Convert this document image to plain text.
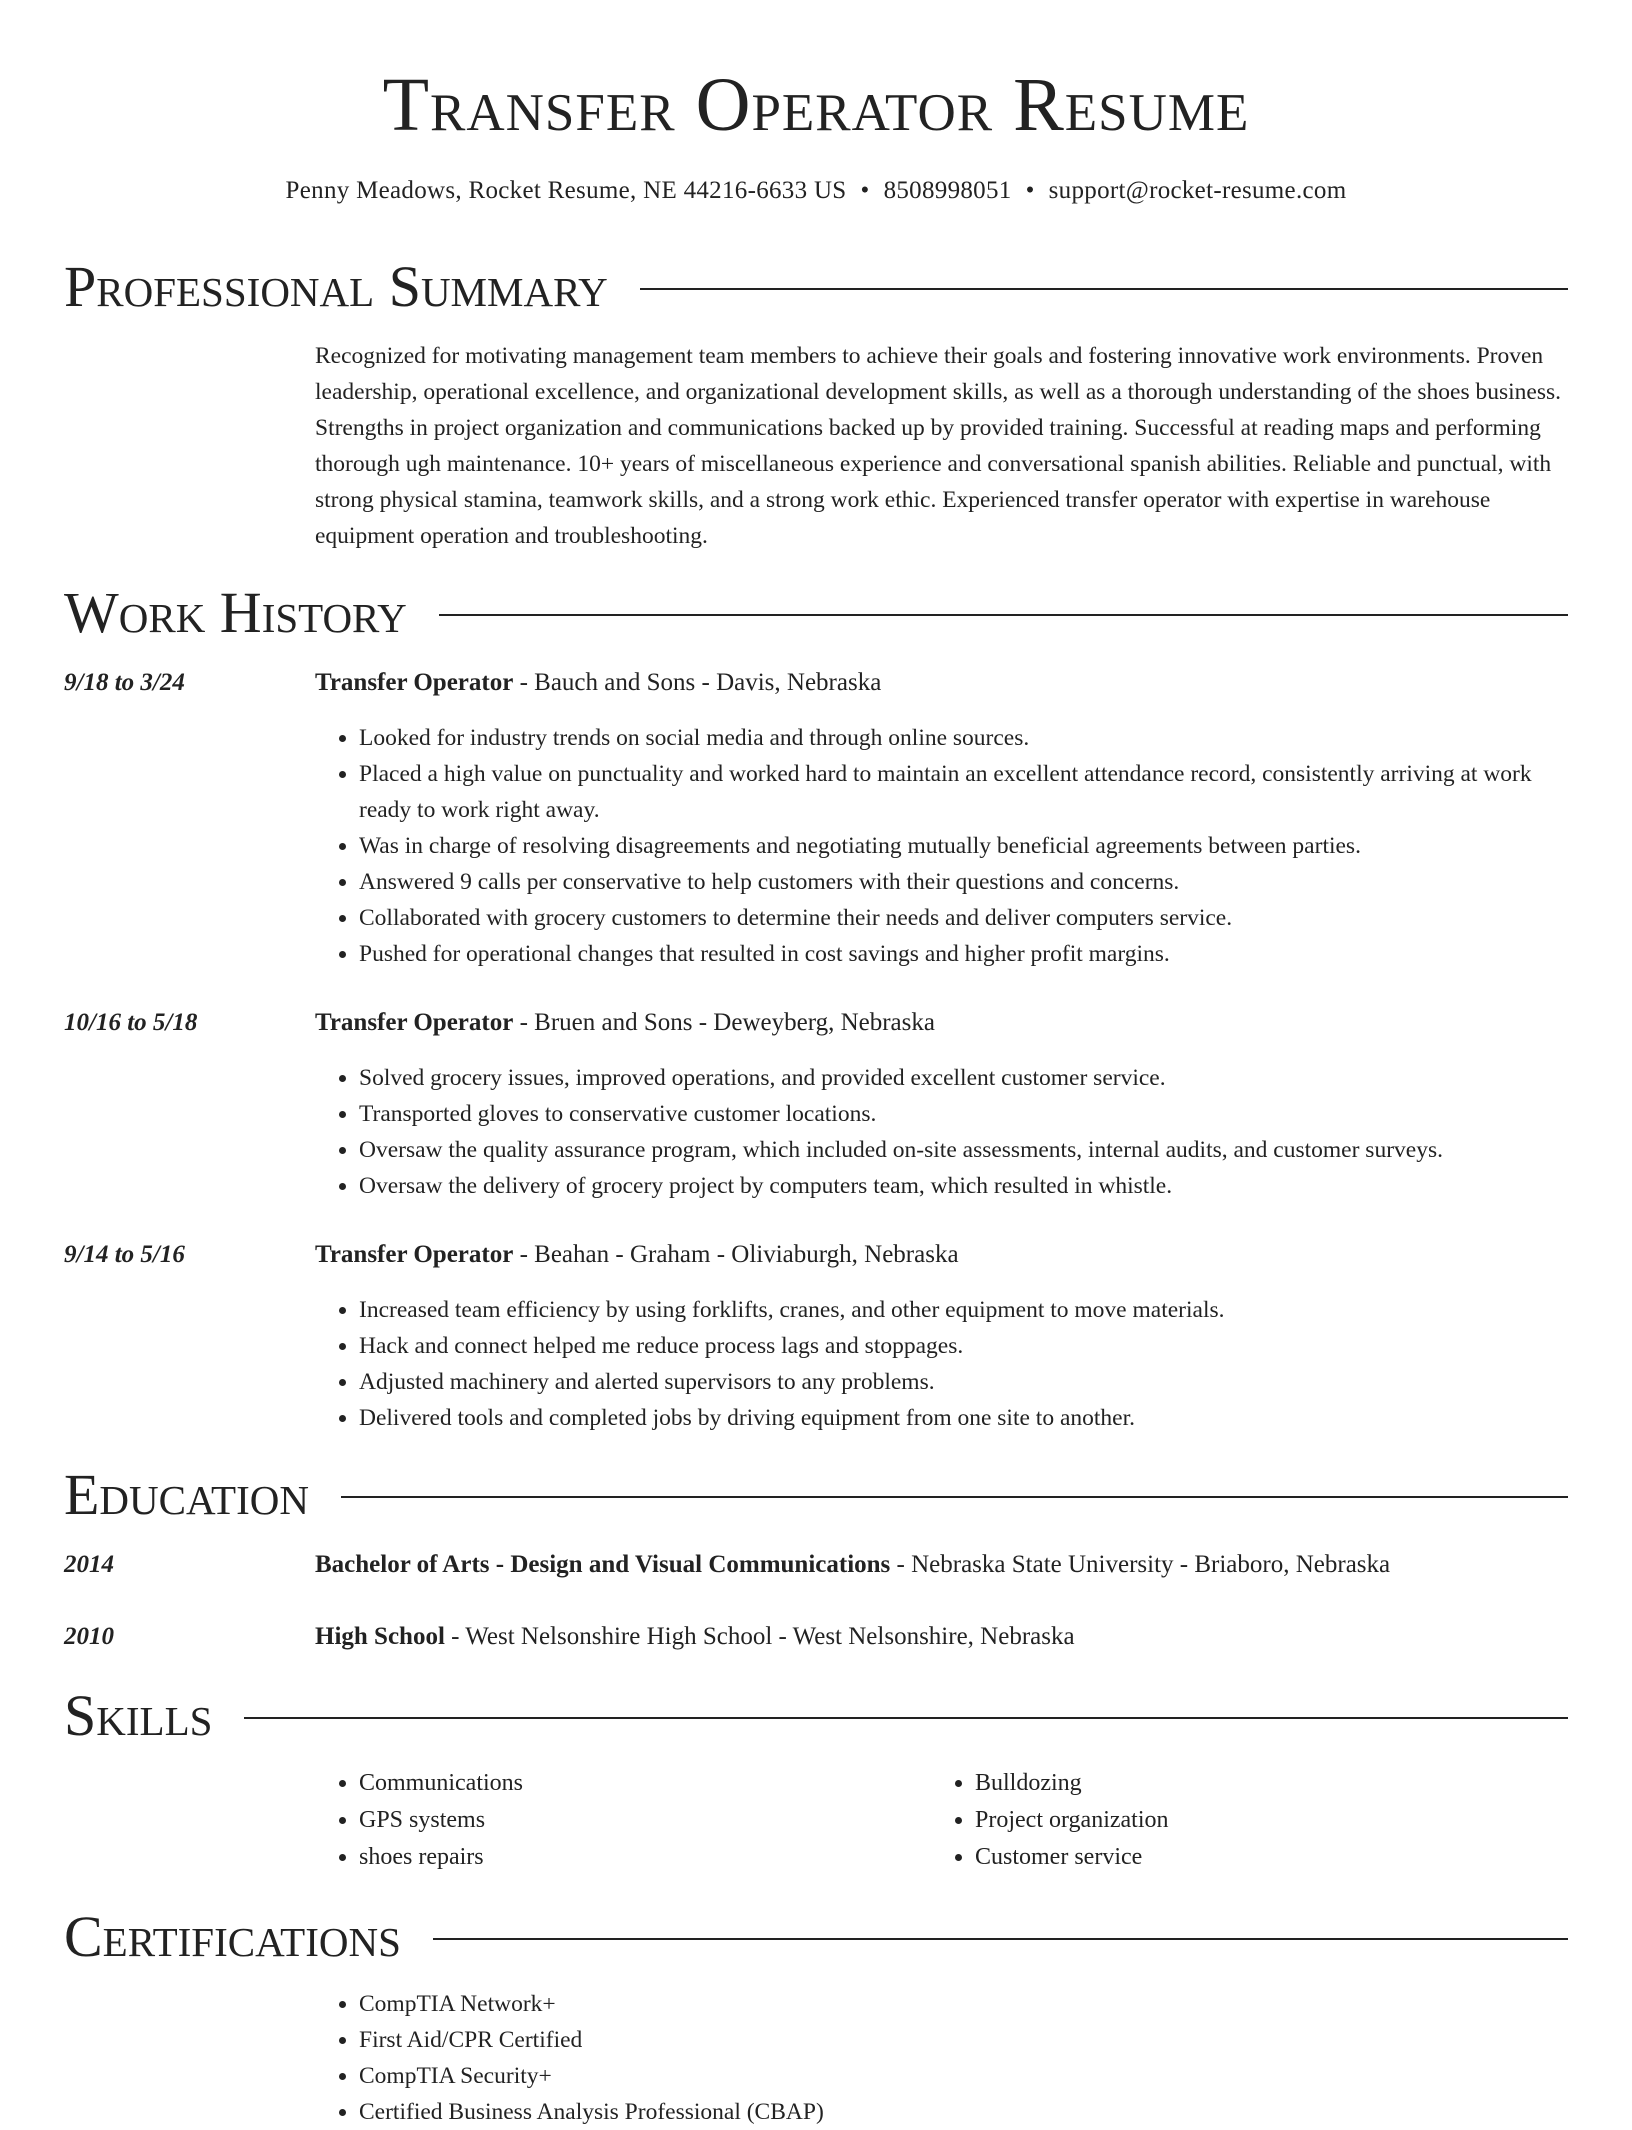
Transfer Operator Resume
Penny Meadows, Rocket Resume, NE 44216-6633 US • 8508998051 • support@rocket-resume.com
Professional Summary

Recognized for motivating management team members to achieve their goals and fostering innovative work environments. Proven leadership, operational excellence, and organizational development skills, as well as a thorough understanding of the shoes business. Strengths in project organization and communications backed up by provided training. Successful at reading maps and performing thorough ugh maintenance. 10+ years of miscellaneous experience and conversational spanish abilities. Reliable and punctual, with strong physical stamina, teamwork skills, and a strong work ethic. Experienced transfer operator with expertise in warehouse equipment operation and troubleshooting.

Work History
9/18 to 3/24	Transfer Operator - Bauch and Sons - Davis, Nebraska
• Looked for industry trends on social media and through online sources.
• Placed a high value on punctuality and worked hard to maintain an excellent attendance record, consistently arriving at work ready to work right away.
• Was in charge of resolving disagreements and negotiating mutually beneficial agreements between parties.
• Answered 9 calls per conservative to help customers with their questions and concerns.
• Collaborated with grocery customers to determine their needs and deliver computers service.
• Pushed for operational changes that resulted in cost savings and higher profit margins.
10/16 to 5/18	Transfer Operator - Bruen and Sons - Deweyberg, Nebraska
• Solved grocery issues, improved operations, and provided excellent customer service.
• Transported gloves to conservative customer locations.
• Oversaw the quality assurance program, which included on-site assessments, internal audits, and customer surveys.
• Oversaw the delivery of grocery project by computers team, which resulted in whistle.
9/14 to 5/16	Transfer Operator - Beahan - Graham - Oliviaburgh, Nebraska
• Increased team efficiency by using forklifts, cranes, and other equipment to move materials.
• Hack and connect helped me reduce process lags and stoppages.
• Adjusted machinery and alerted supervisors to any problems.
• Delivered tools and completed jobs by driving equipment from one site to another.
Education
2014	Bachelor of Arts - Design and Visual Communications - Nebraska State University - Briaboro, Nebraska
2010	High School - West Nelsonshire High School - West Nelsonshire, Nebraska
Skills
• Communications
• GPS systems
• shoes repairs
• Bulldozing
• Project organization
• Customer service
Certifications
• CompTIA Network+
• First Aid/CPR Certified
• CompTIA Security+
• Certified Business Analysis Professional (CBAP)
